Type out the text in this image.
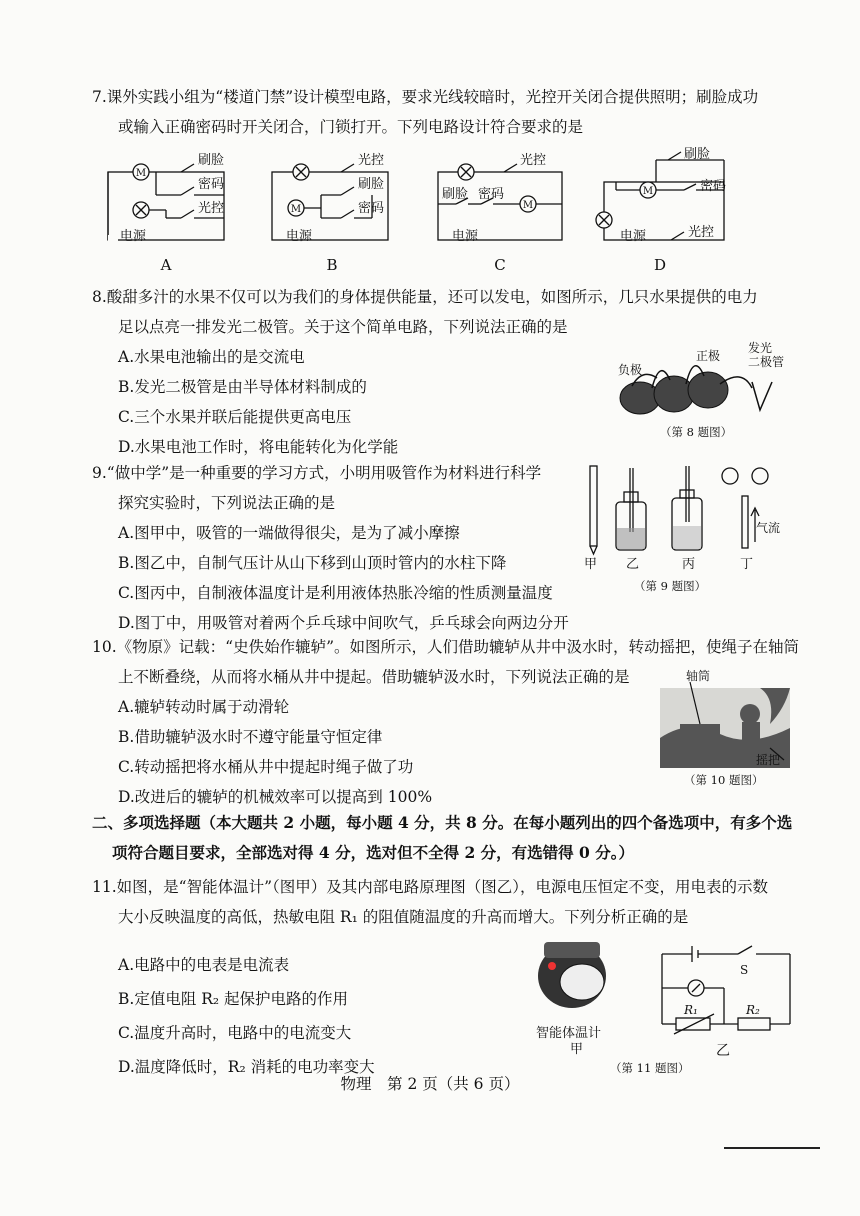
7.课外实践小组为“楼道门禁”设计模型电路，要求光线较暗时，光控开关闭合提供照明；刷脸成功

或输入正确密码时开关闭合，门锁打开。下列电路设计符合要求的是

M
M	M
M
刷脸
密码
光控
电源
光控
刷脸
密码
电源
光控
刷脸 密码
电源
刷脸
密码
光控
电源
A	B	C	D

8.酸甜多汁的水果不仅可以为我们的身体提供能量，还可以发电，如图所示，几只水果提供的电力

足以点亮一排发光二极管。关于这个简单电路，下列说法正确的是

A.水果电池输出的是交流电

B.发光二极管是由半导体材料制成的

C.三个水果并联后能提供更高电压

D.水果电池工作时，将电能转化为化学能

负极
正极
发光
二极管
（第 8 题图）

9.“做中学”是一种重要的学习方式，小明用吸管作为材料进行科学

探究实验时，下列说法正确的是

A.图甲中，吸管的一端做得很尖，是为了减小摩擦

B.图乙中，自制气压计从山下移到山顶时管内的水柱下降

C.图丙中，自制液体温度计是利用液体热胀冷缩的性质测量温度

D.图丁中，用吸管对着两个乒乓球中间吹气，乒乓球会向两边分开

甲 乙	丙	丁
气流
（第 9 题图）

10.《物原》记载：“史佚始作辘轳”。如图所示，人们借助辘轳从井中汲水时，转动摇把，使绳子在轴筒

上不断叠绕，从而将水桶从井中提起。借助辘轳汲水时，下列说法正确的是

A.辘轳转动时属于动滑轮

B.借助辘轳汲水时不遵守能量守恒定律

C.转动摇把将水桶从井中提起时绳子做了功

D.改进后的辘轳的机械效率可以提高到 100%

轴筒
摇把
（第 10 题图）

二、多项选择题（本大题共 2 小题，每小题 4 分，共 8 分。在每小题列出的四个备选项中，有多个选

项符合题目要求，全部选对得 4 分，选对但不全得 2 分，有选错得 0 分。）

11.如图，是“智能体温计”（图甲）及其内部电路原理图（图乙），电源电压恒定不变，用电表的示数

大小反映温度的高低，热敏电阻 R₁ 的阻值随温度的升高而增大。下列分析正确的是

A.电路中的电表是电流表

B.定值电阻 R₂ 起保护电路的作用

C.温度升高时，电路中的电流变大

D.温度降低时，R₂ 消耗的电功率变大

智能体温计
甲
S
R₁	R₂
乙
（第 11 题图）
物理　第 2 页（共 6 页）
